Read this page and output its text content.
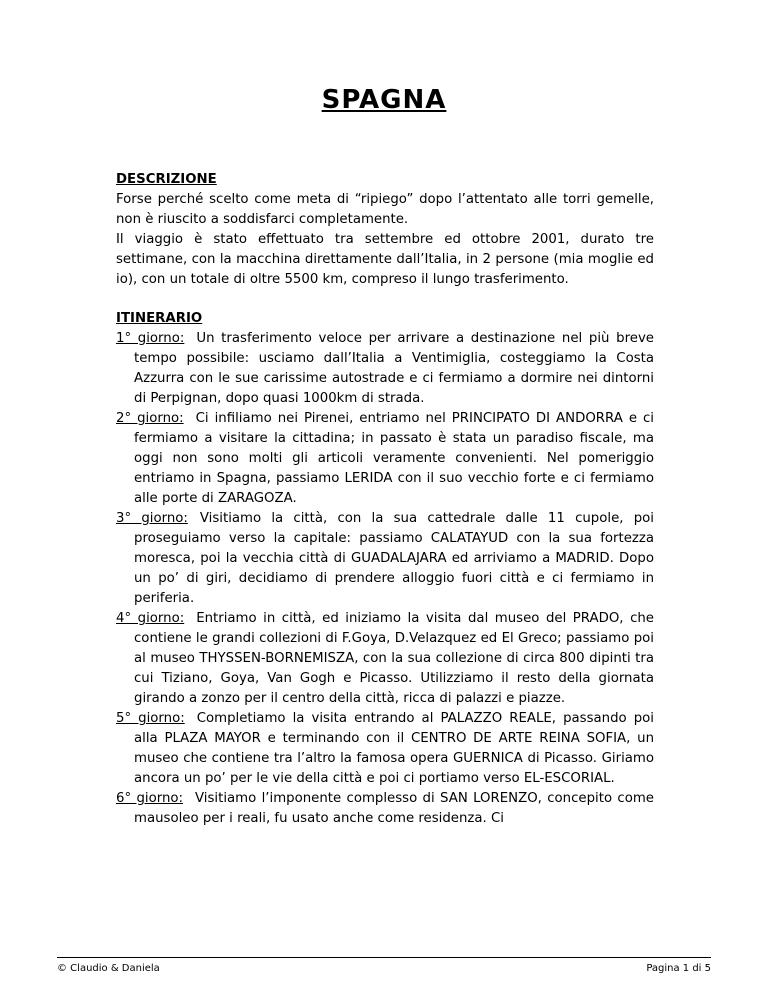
SPAGNA
DESCRIZIONE
Forse perché scelto come meta di “ripiego” dopo l’attentato alle torri gemelle, non è riuscito a soddisfarci completamente.
Il viaggio è stato effettuato tra settembre ed ottobre 2001, durato tre settimane, con la macchina direttamente dall’Italia, in 2 persone (mia moglie ed io), con un totale di oltre 5500 km, compreso il lungo trasferimento.
ITINERARIO
1° giorno: Un trasferimento veloce per arrivare a destinazione nel più breve tempo possibile: usciamo dall’Italia a Ventimiglia, costeggiamo la Costa Azzurra con le sue carissime autostrade e ci fermiamo a dormire nei dintorni di Perpignan, dopo quasi 1000km di strada.
2° giorno: Ci infiliamo nei Pirenei, entriamo nel PRINCIPATO DI ANDORRA e ci fermiamo a visitare la cittadina; in passato è stata un paradiso fiscale, ma oggi non sono molti gli articoli veramente convenienti. Nel pomeriggio entriamo in Spagna, passiamo LERIDA con il suo vecchio forte e ci fermiamo alle porte di ZARAGOZA.
3° giorno: Visitiamo la città, con la sua cattedrale dalle 11 cupole, poi proseguiamo verso la capitale: passiamo CALATAYUD con la sua fortezza moresca, poi la vecchia città di GUADALAJARA ed arriviamo a MADRID. Dopo un po’ di giri, decidiamo di prendere alloggio fuori città e ci fermiamo in periferia.
4° giorno: Entriamo in città, ed iniziamo la visita dal museo del PRADO, che contiene le grandi collezioni di F.Goya, D.Velazquez ed El Greco; passiamo poi al museo THYSSEN-BORNEMISZA, con la sua collezione di circa 800 dipinti tra cui Tiziano, Goya, Van Gogh e Picasso. Utilizziamo il resto della giornata girando a zonzo per il centro della città, ricca di palazzi e piazze.
5° giorno: Completiamo la visita entrando al PALAZZO REALE, passando poi alla PLAZA MAYOR e terminando con il CENTRO DE ARTE REINA SOFIA, un museo che contiene tra l’altro la famosa opera GUERNICA di Picasso. Giriamo ancora un po’ per le vie della città e poi ci portiamo verso EL-ESCORIAL.
6° giorno: Visitiamo l’imponente complesso di SAN LORENZO, concepito come mausoleo per i reali, fu usato anche come residenza. Ci
© Claudio & Daniela	Pagina 1 di 5
